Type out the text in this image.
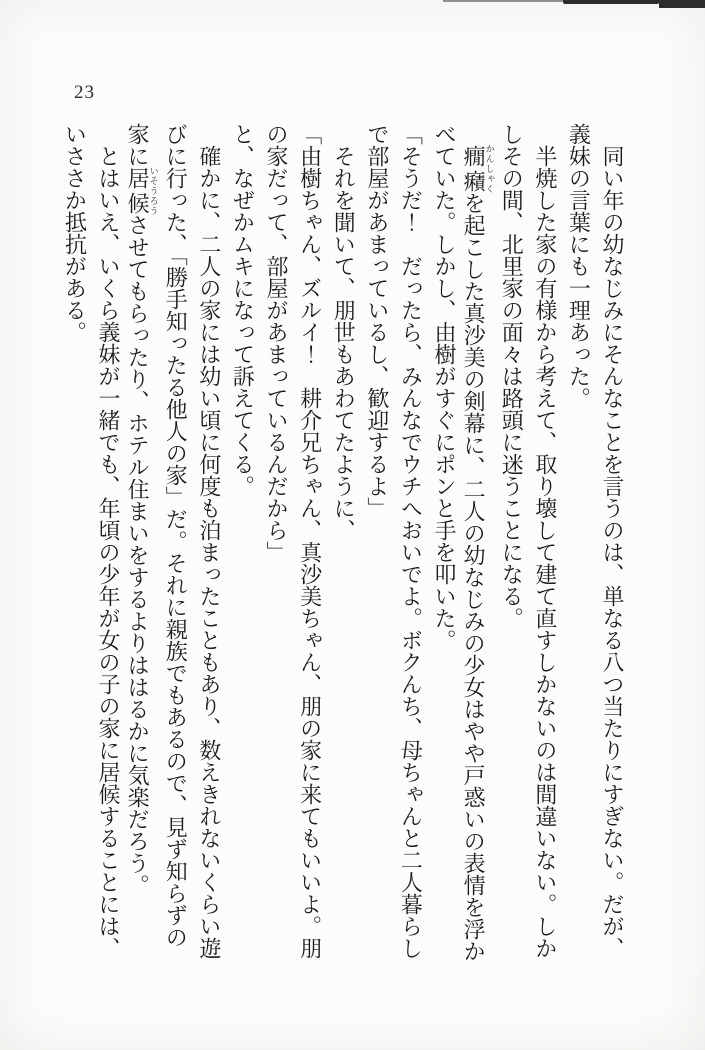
23
　同い年の幼なじみにそんなことを言うのは、単なる八つ当たりにすぎない。だが、
義妹の言葉にも一理あった。
　半焼した家の有様から考えて、取り壊して建て直すしかないのは間違いない。しか
しその間、北里家の面々は路頭に迷うことになる。
　癇癪かんしゃくを起こした真沙美の剣幕に、二人の幼なじみの少女はやや戸惑いの表情を浮か
べていた。しかし、由樹がすぐにポンと手を叩いた。
「そうだ！　だったら、みんなでウチへおいでよ。ボクんち、母ちゃんと二人暮らし
で部屋があまっているし、歓迎するよ」
　それを聞いて、朋世もあわてたように、
「由樹ちゃん、ズルイ！　耕介兄ちゃん、真沙美ちゃん、朋の家に来てもいいよ。朋
の家だって、部屋があまっているんだから」
と、なぜかムキになって訴えてくる。
　確かに、二人の家には幼い頃に何度も泊まったこともあり、数えきれないくらい遊
びに行った、「勝手知ったる他人の家」だ。それに親族でもあるので、見ず知らずの
家に居候いそうろうさせてもらったり、ホテル住まいをするよりははるかに気楽だろう。
　とはいえ、いくら義妹が一緒でも、年頃の少年が女の子の家に居候することには、
いささか抵抗がある。
